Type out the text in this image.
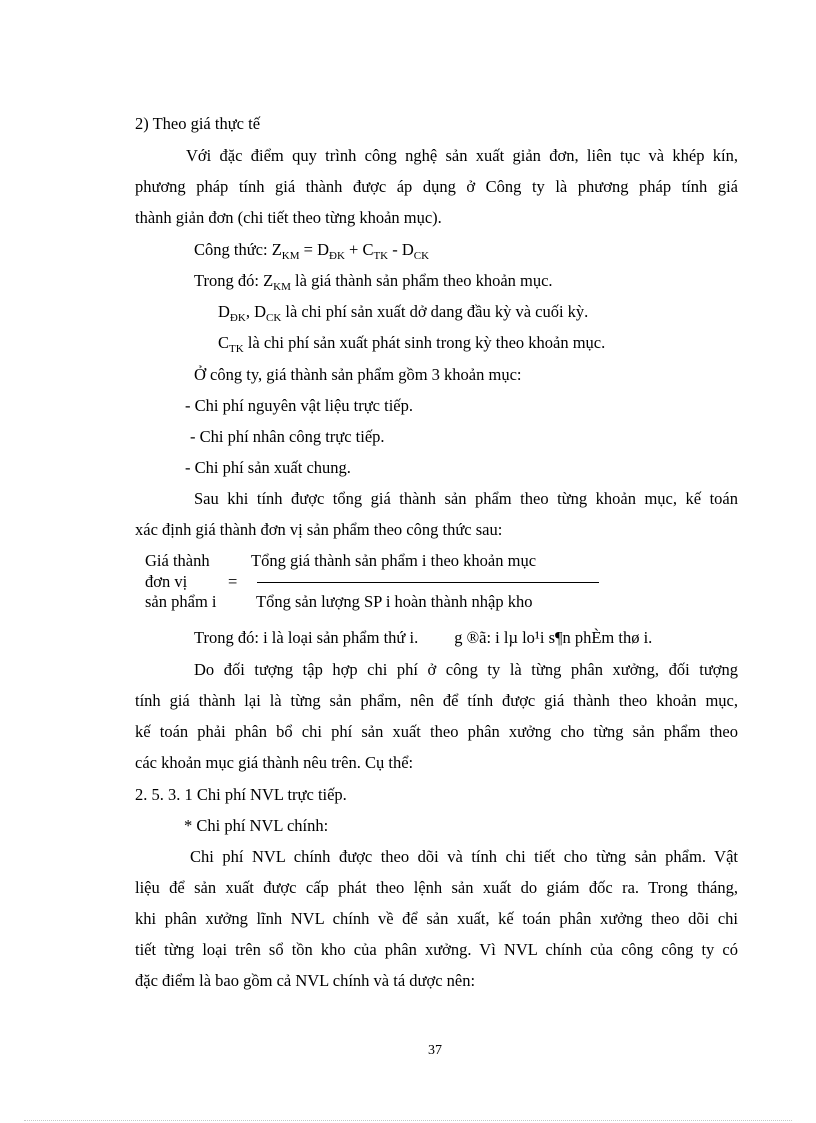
2) Theo giá thực tế
Với đặc điểm quy trình công nghệ sản xuất giản đơn, liên tục và khép kín,
phương pháp tính giá thành được áp dụng ở Công ty là phương pháp tính giá
thành giản đơn (chi tiết theo từng khoản mục).
Công thức: $Z_{KM} = D_{ĐK} + C_{TK} - D_{CK}$
Trong đó: $Z_{KM}$ là giá thành sản phẩm theo khoản mục.
$D_{ĐK}$, $D_{CK}$ là chi phí sản xuất dở dang đầu kỳ và cuối kỳ.
$C_{TK}$ là chi phí sản xuất phát sinh trong kỳ theo khoản mục.
Ở công ty, giá thành sản phẩm gồm 3 khoản mục:
- Chi phí nguyên vật liệu trực tiếp.
- Chi phí nhân công trực tiếp.
- Chi phí sản xuất chung.
Sau khi tính được tổng giá thành sản phẩm theo từng khoản mục, kế toán
xác định giá thành đơn vị sản phẩm theo công thức sau:
Giá thành
đơn vị
sản phẩm i
=
Tổng giá thành sản phẩm i theo khoản mục
Tổng sản lượng SP i hoàn thành nhập kho
Trong đó: i là loại sản phẩm thứ i. g ®ã: i lµ lo¹i s¶n phÈm thø i.
Do đối tượng tập hợp chi phí ở công ty là từng phân xưởng, đối tượng
tính giá thành lại là từng sản phẩm, nên để tính được giá thành theo khoản mục,
kế toán phải phân bổ chi phí sản xuất theo phân xưởng cho từng sản phẩm theo
các khoản mục giá thành nêu trên. Cụ thể:
2. 5. 3. 1 Chi phí NVL trực tiếp.
* Chi phí NVL chính:
Chi phí NVL chính được theo dõi và tính chi tiết cho từng sản phẩm. Vật
liệu để sản xuất được cấp phát theo lệnh sản xuất do giám đốc ra. Trong tháng,
khi phân xưởng lĩnh NVL chính về để sản xuất, kế toán phân xưởng theo dõi chi
tiết từng loại trên sổ tồn kho của phân xưởng. Vì NVL chính của công công ty có
đặc điểm là bao gồm cả NVL chính và tá dược nên:
37
